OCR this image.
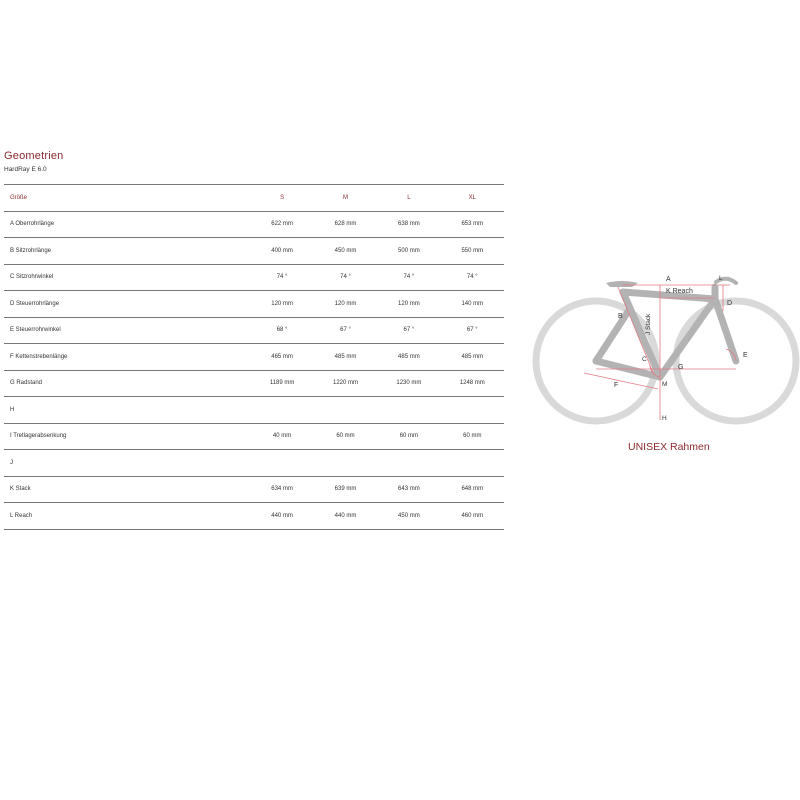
Geometrien
HardRay E 6.0
Größe	S	M	L	XL
A Oberrohrlänge	622 mm	628 mm	638 mm	653 mm
B Sitzrohrlänge	400 mm	450 mm	500 mm	550 mm
C Sitzrohrwinkel	74 °	74 °	74 °	74 °
D Steuerrohrlänge	120 mm	120 mm	120 mm	140 mm
E Steuerrohrwinkel	68 °	67 °	67 °	67 °
F Kettenstrebenlänge	465 mm	485 mm	485 mm	485 mm
G Radstand	1189 mm	1220 mm	1230 mm	1248 mm
H				
I Tretlagerabsenkung	40 mm	60 mm	60 mm	60 mm
J				
K Stack	634 mm	639 mm	643 mm	648 mm
L Reach	440 mm	440 mm	450 mm	460 mm
A
K Reach
L
D
B	J Stack
C
E
G
F	M
H
UNISEX Rahmen
